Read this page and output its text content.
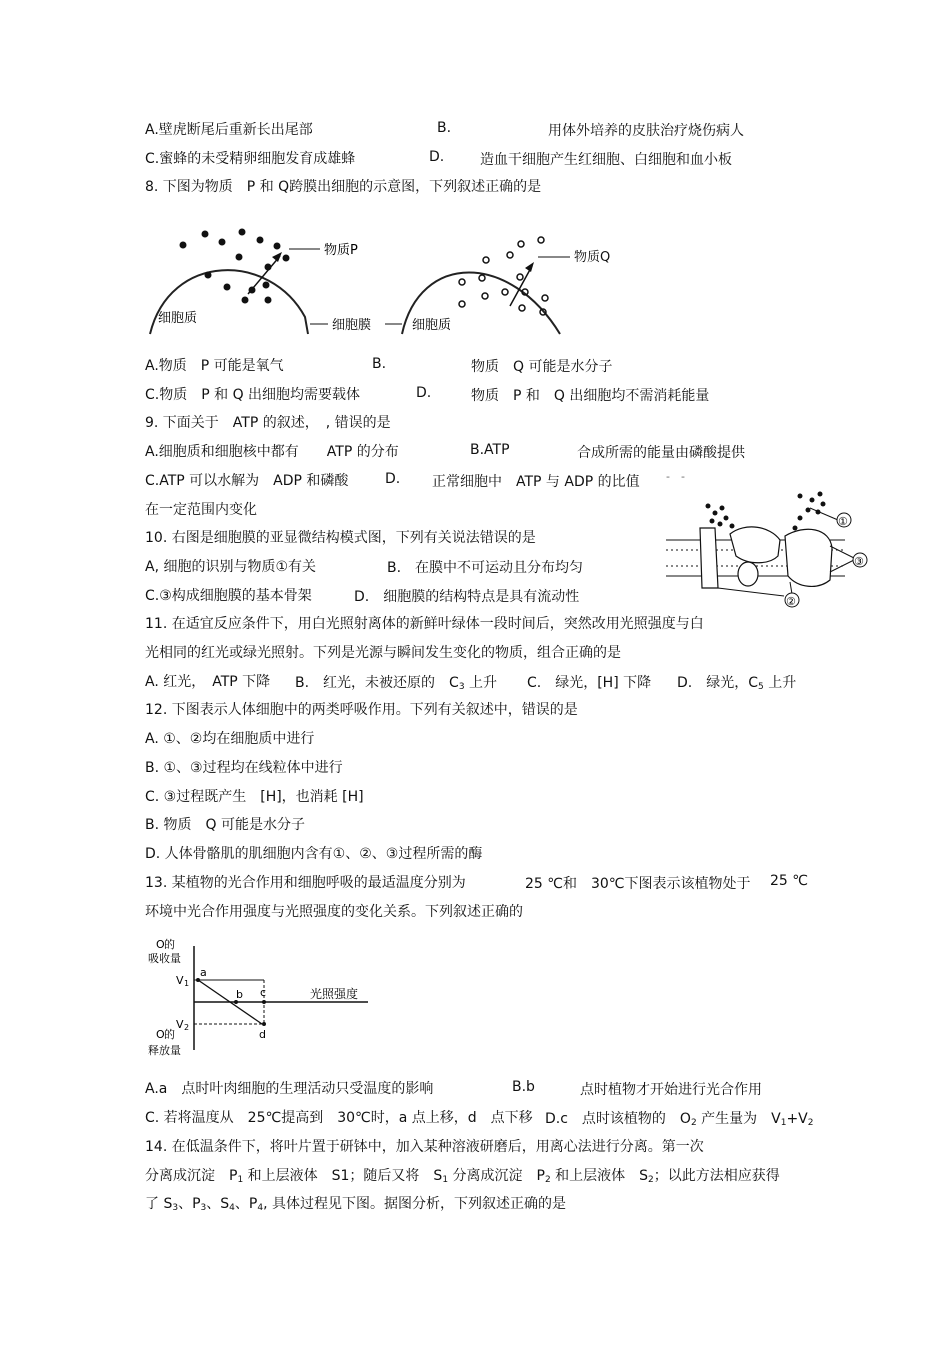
A.壁虎断尾后重新长出尾部	B.	用体外培养的皮肤治疗烧伤病人
C.蜜蜂的未受精卵细胞发育成雄蜂	D.	造血干细胞产生红细胞、白细胞和血小板
8. 下图为物质　P 和 Q跨膜出细胞的示意图，下列叙述正确的是
物质P
细胞质	细胞膜	细胞质
物质Q
A.物质　P 可能是氧气	B.	物质　Q 可能是水分子
C.物质　P 和 Q 出细胞均需要载体	D.	物质　P 和　Q 出细胞均不需消耗能量
9. 下面关于　ATP 的叙述，　, 错误的是
A.细胞质和细胞核中都有　　ATP 的分布	B.ATP	合成所需的能量由磷酸提供
C.ATP 可以水解为　ADP 和磷酸	D. 正常细胞中　ATP 与 ADP 的比值 -　-
在一定范围内变化
①
③
②
10. 右图是细胞膜的亚显微结构模式图，下列有关说法错误的是
A, 细胞的识别与物质①有关	B.　在膜中不可运动且分布均匀
C.③构成细胞膜的基本骨架	D.　细胞膜的结构特点是具有流动性
11. 在适宜反应条件下，用白光照射离体的新鲜叶绿体一段时间后，突然改用光照强度与白
光相同的红光或绿光照射。下列是光源与瞬间发生变化的物质，组合正确的是
A. 红光，　ATP 下降 B.　红光，未被还原的　$C_3$ 上升 C.　绿光，[H] 下降 D.　绿光，$C_5$ 上升
12. 下图表示人体细胞中的两类呼吸作用。下列有关叙述中，错误的是
A. ①、②均在细胞质中进行
B. ①、③过程均在线粒体中进行
C. ③过程既产生　[H]，也消耗 [H]
B. 物质　Q 可能是水分子
D. 人体骨骼肌的肌细胞内含有①、②、③过程所需的酶
13. 某植物的光合作用和细胞呼吸的最适温度分别为	25 ℃和　30℃下图表示该植物处于 25 ℃
环境中光合作用强度与光照强度的变化关系。下列叙述正确的
O 的
吸收量
V 1
V 2
a
b c
d
光照强度
O 的
释放量
A.a　点时叶肉细胞的生理活动只受温度的影响	B.b	点时植物才开始进行光合作用
C. 若将温度从　25℃提高到　30℃时，a 点上移，d　点下移 D.c　点时该植物的　$O_2$ 产生量为　$V_1+V_2$
14. 在低温条件下，将叶片置于研钵中，加入某种溶液研磨后，用离心法进行分离。第一次
分离成沉淀　$P_1$ 和上层液体　S1；随后又将　$S_1$ 分离成沉淀　$P_2$ 和上层液体　$S_2$；以此方法相应获得
了 $S_3$、$P_3$、$S_4$、$P_4$, 具体过程见下图。据图分析，下列叙述正确的是
